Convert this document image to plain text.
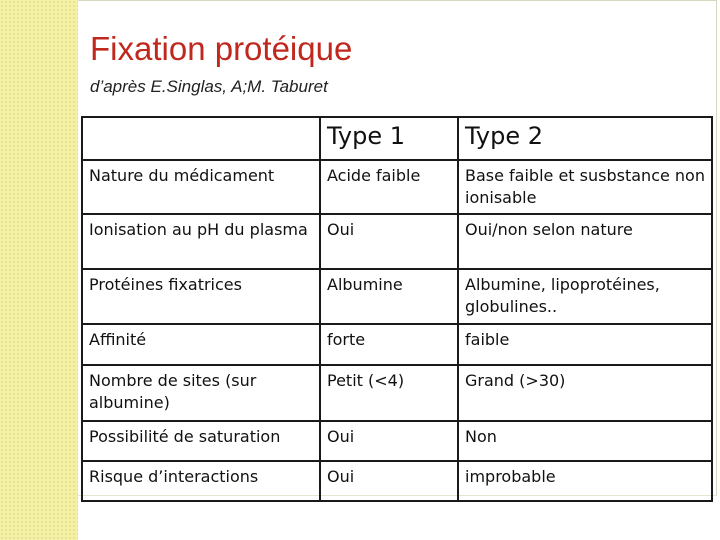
Fixation protéique

d’après E.Singlas, A;M. Taburet

	Type 1	Type 2
Nature du médicament	Acide faible	Base faible et susbstance non ionisable
Ionisation au pH du plasma	Oui	Oui/non selon nature
Protéines fixatrices	Albumine	Albumine, lipoprotéines, globulines..
Affinité	forte	faible
Nombre de sites (sur albumine)	Petit (<4)	Grand (>30)
Possibilité de saturation	Oui	Non
Risque d’interactions	Oui	improbable
